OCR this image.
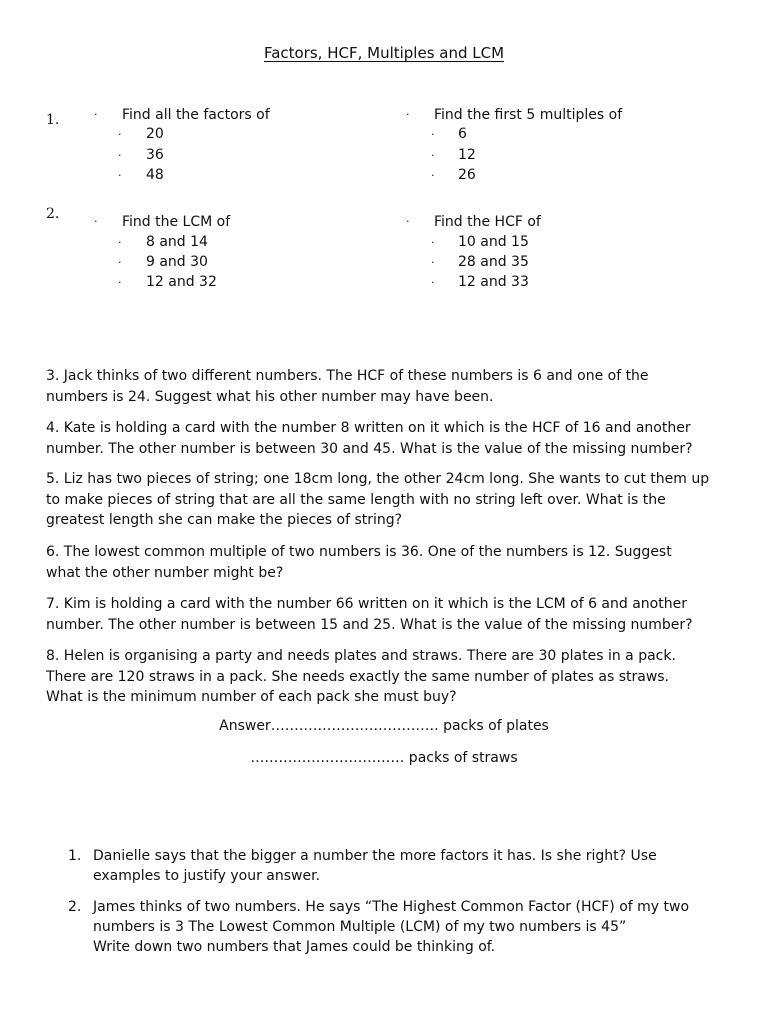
Factors, HCF, Multiples and LCM
1.	· Find all the factors of
· 20
· 36
· 48
· Find the first 5 multiples of
· 6
· 12
· 26
2.	· Find the LCM of
· 8 and 14
· 9 and 30
· 12 and 32
· Find the HCF of
· 10 and 15
· 28 and 35
· 12 and 33
3. Jack thinks of two different numbers. The HCF of these numbers is 6 and one of the
numbers is 24. Suggest what his other number may have been.
4. Kate is holding a card with the number 8 written on it which is the HCF of 16 and another
number. The other number is between 30 and 45. What is the value of the missing number?
5. Liz has two pieces of string; one 18cm long, the other 24cm long. She wants to cut them up
to make pieces of string that are all the same length with no string left over. What is the
greatest length she can make the pieces of string?
6. The lowest common multiple of two numbers is 36. One of the numbers is 12. Suggest
what the other number might be?
7. Kim is holding a card with the number 66 written on it which is the LCM of 6 and another
number. The other number is between 15 and 25. What is the value of the missing number?
8. Helen is organising a party and needs plates and straws. There are 30 plates in a pack.
There are 120 straws in a pack. She needs exactly the same number of plates as straws.
What is the minimum number of each pack she must buy?
Answer……………………………… packs of plates
…………………………… packs of straws
1. Danielle says that the bigger a number the more factors it has. Is she right? Use
examples to justify your answer.
2. James thinks of two numbers. He says “The Highest Common Factor (HCF) of my two
numbers is 3 The Lowest Common Multiple (LCM) of my two numbers is 45”
Write down two numbers that James could be thinking of.
